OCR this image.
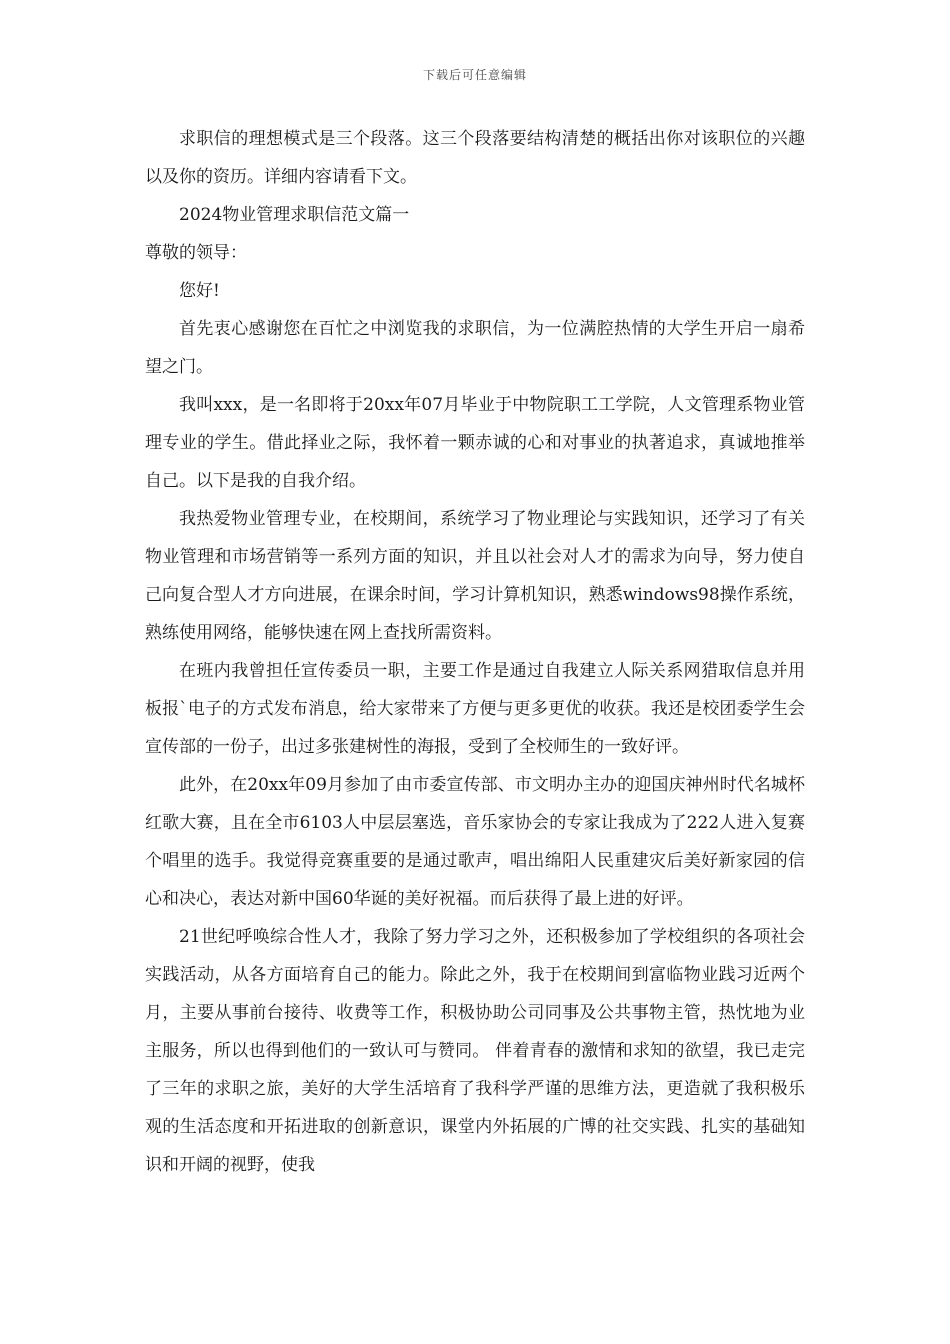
下载后可任意编辑

求职信的理想模式是三个段落。这三个段落要结构清楚的概括出你对该职位的兴趣以及你的资历。详细内容请看下文。

2024物业管理求职信范文篇一

尊敬的领导：

您好!

首先衷心感谢您在百忙之中浏览我的求职信，为一位满腔热情的大学生开启一扇希望之门。

我叫xxx，是一名即将于20xx年07月毕业于中物院职工工学院，人文管理系物业管理专业的学生。借此择业之际，我怀着一颗赤诚的心和对事业的执著追求，真诚地推举自己。以下是我的自我介绍。

我热爱物业管理专业，在校期间，系统学习了物业理论与实践知识，还学习了有关物业管理和市场营销等一系列方面的知识，并且以社会对人才的需求为向导，努力使自己向复合型人才方向进展，在课余时间，学习计算机知识，熟悉windows98操作系统，熟练使用网络，能够快速在网上查找所需资料。

在班内我曾担任宣传委员一职，主要工作是通过自我建立人际关系网猎取信息并用板报`电子的方式发布消息，给大家带来了方便与更多更优的收获。我还是校团委学生会宣传部的一份子，出过多张建树性的海报，受到了全校师生的一致好评。

此外，在20xx年09月参加了由市委宣传部、市文明办主办的迎国庆神州时代名城杯红歌大赛，且在全市6103人中层层塞选，音乐家协会的专家让我成为了222人进入复赛个唱里的选手。我觉得竞赛重要的是通过歌声，唱出绵阳人民重建灾后美好新家园的信心和决心，表达对新中国60华诞的美好祝福。而后获得了最上进的好评。

21世纪呼唤综合性人才，我除了努力学习之外，还积极参加了学校组织的各项社会实践活动，从各方面培育自己的能力。除此之外，我于在校期间到富临物业践习近两个月，主要从事前台接待、收费等工作，积极协助公司同事及公共事物主管，热忱地为业主服务，所以也得到他们的一致认可与赞同。 伴着青春的激情和求知的欲望，我已走完了三年的求职之旅，美好的大学生活培育了我科学严谨的思维方法，更造就了我积极乐观的生活态度和开拓进取的创新意识，课堂内外拓展的广博的社交实践、扎实的基础知识和开阔的视野，使我
